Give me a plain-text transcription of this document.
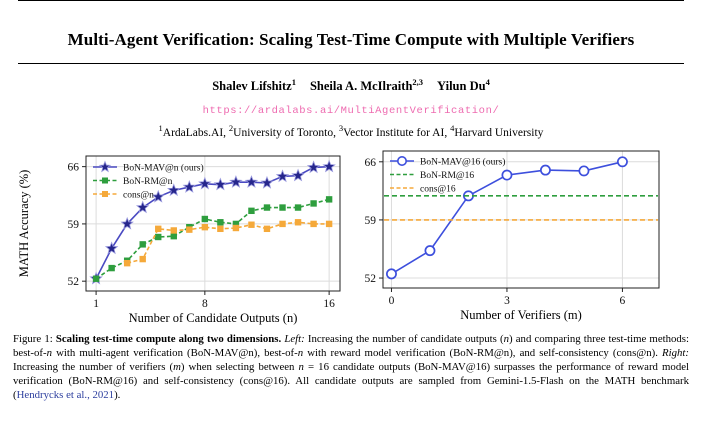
Multi-Agent Verification: Scaling Test-Time Compute with Multiple Verifiers
Shalev Lifshitz$^1$ Sheila A. McIlraith$^{2,3}$ Yilun Du$^4$
https://ardalabs.ai/MultiAgentVerification/
$^1$ArdaLabs.AI, $^2$University of Toronto, $^3$Vector Institute for AI, $^4$Harvard University
52
59
66
1	8	16
Number of Candidate Outputs (n)
MATH Accuracy (%)
BoN-MAV@n (ours)
BoN-RM@n
cons@n
52
59
66
0	3	6
Number of Verifiers (m)
BoN-MAV@16 (ours)
BoN-RM@16
cons@16
Figure 1: Scaling test-time compute along two dimensions. Left: Increasing the number of candidate outputs (n) and comparing three test-time methods: best-of-n with multi-agent verification (BoN-MAV@n), best-of-n with reward model verification (BoN-RM@n), and self-consistency (cons@n). Right: Increasing the number of verifiers (m) when selecting between n = 16 candidate outputs (BoN-MAV@16) surpasses the performance of reward model verification (BoN-RM@16) and self-consistency (cons@16). All candidate outputs are sampled from Gemini-1.5-Flash on the MATH benchmark (Hendrycks et al., 2021).
